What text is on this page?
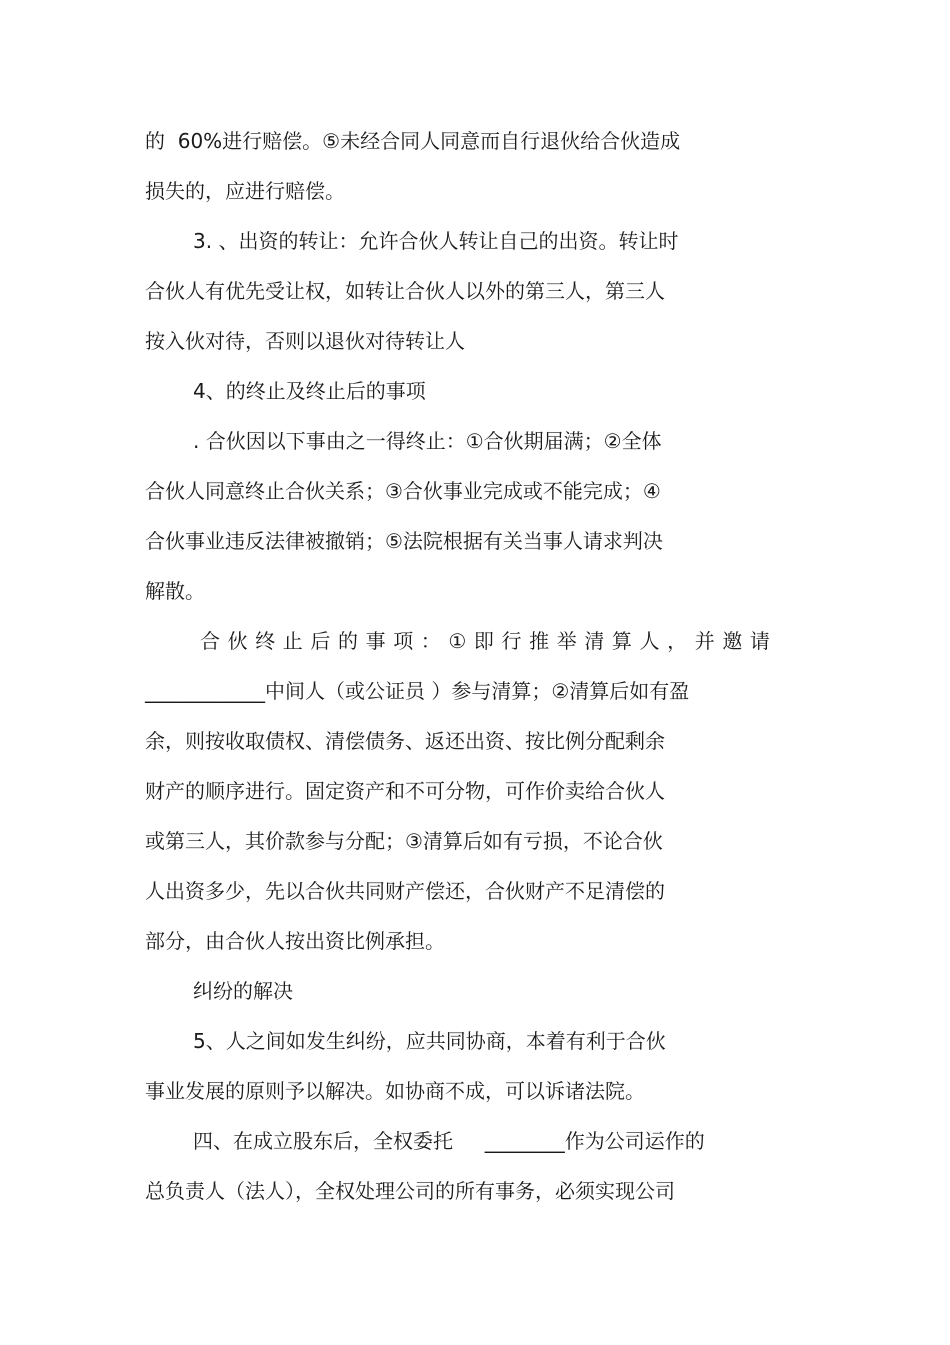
的  60%进行赔偿。⑤未经合同人同意而自行退伙给合伙造成
损失的，应进行赔偿。
3. 、出资的转让：允许合伙人转让自己的出资。转让时
合伙人有优先受让权，如转让合伙人以外的第三人，第三人
按入伙对待，否则以退伙对待转让人
4、的终止及终止后的事项
. 合伙因以下事由之一得终止：①合伙期届满；②全体
合伙人同意终止合伙关系；③合伙事业完成或不能完成；④
合伙事业违反法律被撤销；⑤法院根据有关当事人请求判决
解散。
合伙终止后的事项：①即行推举清算人，并邀请
____________中间人（或公证员 ）参与清算；②清算后如有盈
余，则按收取债权、清偿债务、返还出资、按比例分配剩余
财产的顺序进行。固定资产和不可分物，可作价卖给合伙人
或第三人，其价款参与分配；③清算后如有亏损，不论合伙
人出资多少，先以合伙共同财产偿还，合伙财产不足清偿的
部分，由合伙人按出资比例承担。
纠纷的解决
5、人之间如发生纠纷，应共同协商，本着有利于合伙
事业发展的原则予以解决。如协商不成，可以诉诸法院。
四、在成立股东后，全权委托     ________作为公司运作的
总负责人（法人），全权处理公司的所有事务，必须实现公司
